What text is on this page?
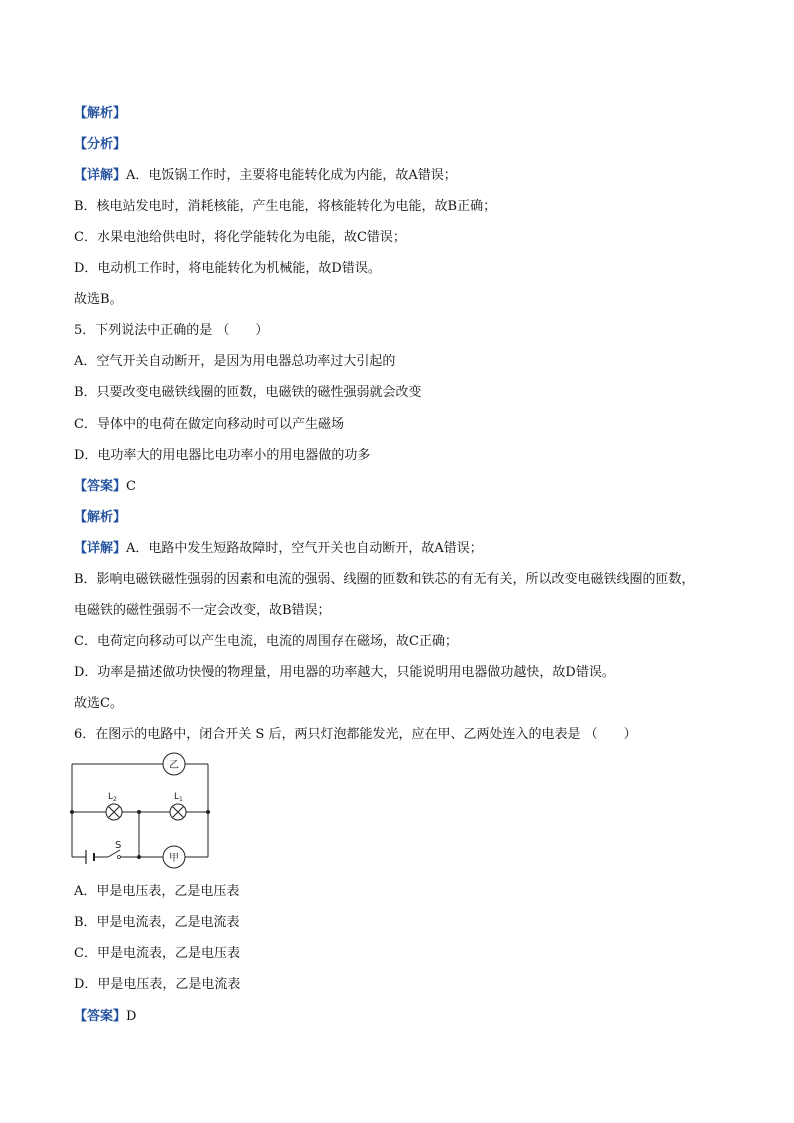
【解析】
【分析】
【详解】A．电饭锅工作时，主要将电能转化成为内能，故A错误；
B．核电站发电时，消耗核能，产生电能，将核能转化为电能，故B正确；
C．水果电池给供电时，将化学能转化为电能，故C错误；
D．电动机工作时，将电能转化为机械能，故D错误。
故选B。
5．下列说法中正确的是 （　　）
A．空气开关自动断开，是因为用电器总功率过大引起的
B．只要改变电磁铁线圈的匝数，电磁铁的磁性强弱就会改变
C．导体中的电荷在做定向移动时可以产生磁场
D．电功率大的用电器比电功率小的用电器做的功多
【答案】C
【解析】
【详解】A．电路中发生短路故障时，空气开关也自动断开，故A错误；
B．影响电磁铁磁性强弱的因素和电流的强弱、线圈的匝数和铁芯的有无有关，所以改变电磁铁线圈的匝数，
电磁铁的磁性强弱不一定会改变，故B错误；
C．电荷定向移动可以产生电流，电流的周围存在磁场，故C正确；
D．功率是描述做功快慢的物理量，用电器的功率越大，只能说明用电器做功越快，故D错误。
故选C。
6．在图示的电路中，闭合开关 S 后，两只灯泡都能发光，应在甲、乙两处连入的电表是 （　　）
S
$L_2$	$L_1$
乙
甲
A．甲是电压表，乙是电压表
B．甲是电流表，乙是电流表
C．甲是电流表，乙是电压表
D．甲是电压表，乙是电流表
【答案】D
